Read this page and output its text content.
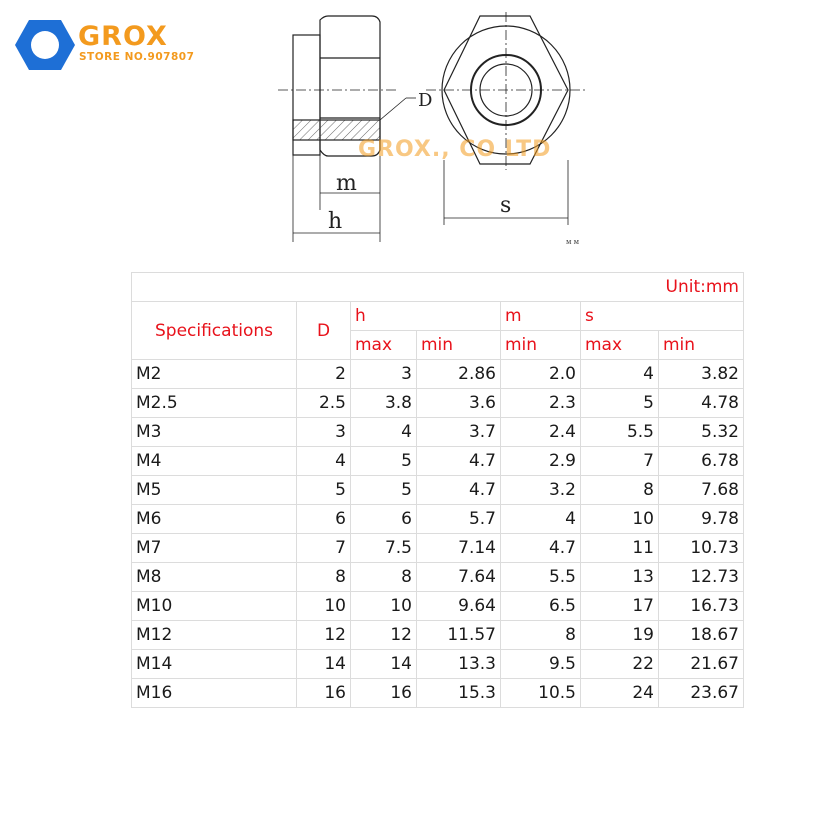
GROX
STORE NO.907807
D
m
h
s
м м
GROX., CO LTD
Unit:mm						
Specifications	D	h		m	s	
		max	min	min	max	min
M2	2	3	2.86	2.0	4	3.82
M2.5	2.5	3.8	3.6	2.3	5	4.78
M3	3	4	3.7	2.4	5.5	5.32
M4	4	5	4.7	2.9	7	6.78
M5	5	5	4.7	3.2	8	7.68
M6	6	6	5.7	4	10	9.78
M7	7	7.5	7.14	4.7	11	10.73
M8	8	8	7.64	5.5	13	12.73
M10	10	10	9.64	6.5	17	16.73
M12	12	12	11.57	8	19	18.67
M14	14	14	13.3	9.5	22	21.67
M16	16	16	15.3	10.5	24	23.67
